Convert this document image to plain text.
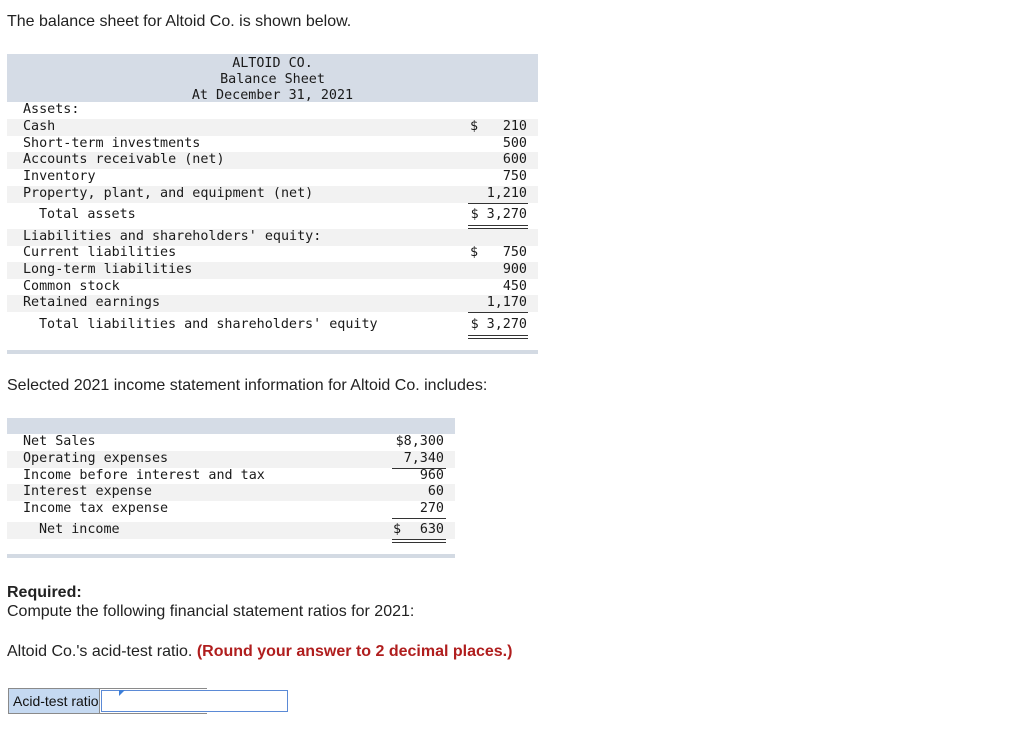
The balance sheet for Altoid Co. is shown below.
ALTOID CO.
Balance Sheet
At December 31, 2021
Assets:
Cash	$ 210
Short-term investments	500
Accounts receivable (net)	600
Inventory	750
Property, plant, and equipment (net)	1,210
Total assets	$ 3,270
Liabilities and shareholders' equity:
Current liabilities	$ 750
Long-term liabilities	900
Common stock	450
Retained earnings	1,170
Total liabilities and shareholders' equity	$ 3,270
Selected 2021 income statement information for Altoid Co. includes:
Net Sales	$8,300
Operating expenses	7,340
Income before interest and tax	960
Interest expense	60
Income tax expense	270
Net income	$ 630
Required:
Compute the following financial statement ratios for 2021:
Altoid Co.'s acid-test ratio. (Round your answer to 2 decimal places.)
Acid-test ratio
